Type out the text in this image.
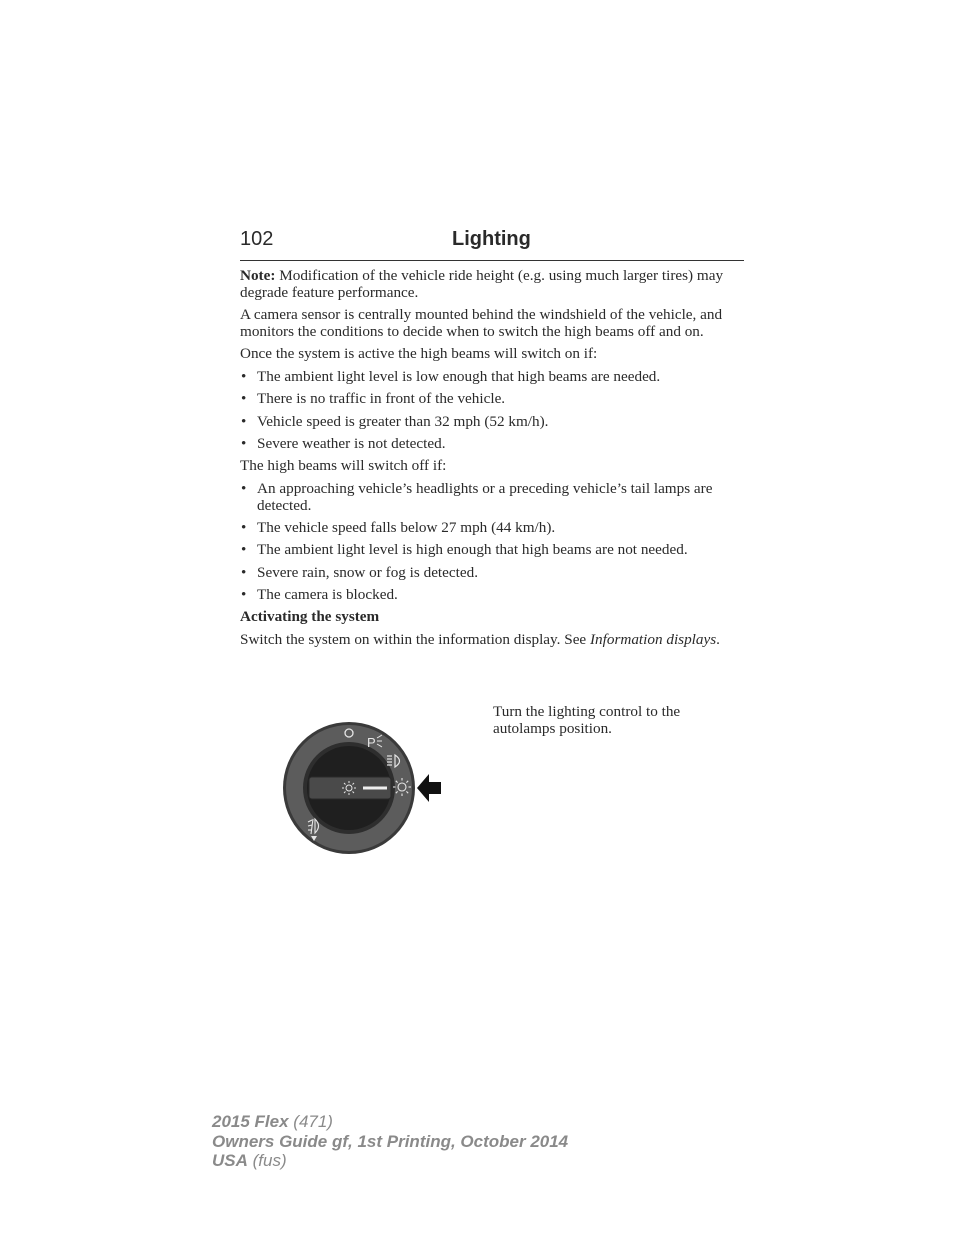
102	Lighting

Note: Modification of the vehicle ride height (e.g. using much larger tires) may degrade feature performance.

A camera sensor is centrally mounted behind the windshield of the vehicle, and monitors the conditions to decide when to switch the high beams off and on.

Once the system is active the high beams will switch on if:

• The ambient light level is low enough that high beams are needed.
• There is no traffic in front of the vehicle.
• Vehicle speed is greater than 32 mph (52 km/h).
• Severe weather is not detected.

The high beams will switch off if:

• An approaching vehicle’s headlights or a preceding vehicle’s tail lamps are detected.
• The vehicle speed falls below 27 mph (44 km/h).
• The ambient light level is high enough that high beams are not needed.
• Severe rain, snow or fog is detected.
• The camera is blocked.

Activating the system

Switch the system on within the information display. See Information displays.

P
Turn the lighting control to the autolamps position.
2015 Flex (471)
Owners Guide gf, 1st Printing, October 2014
USA (fus)
